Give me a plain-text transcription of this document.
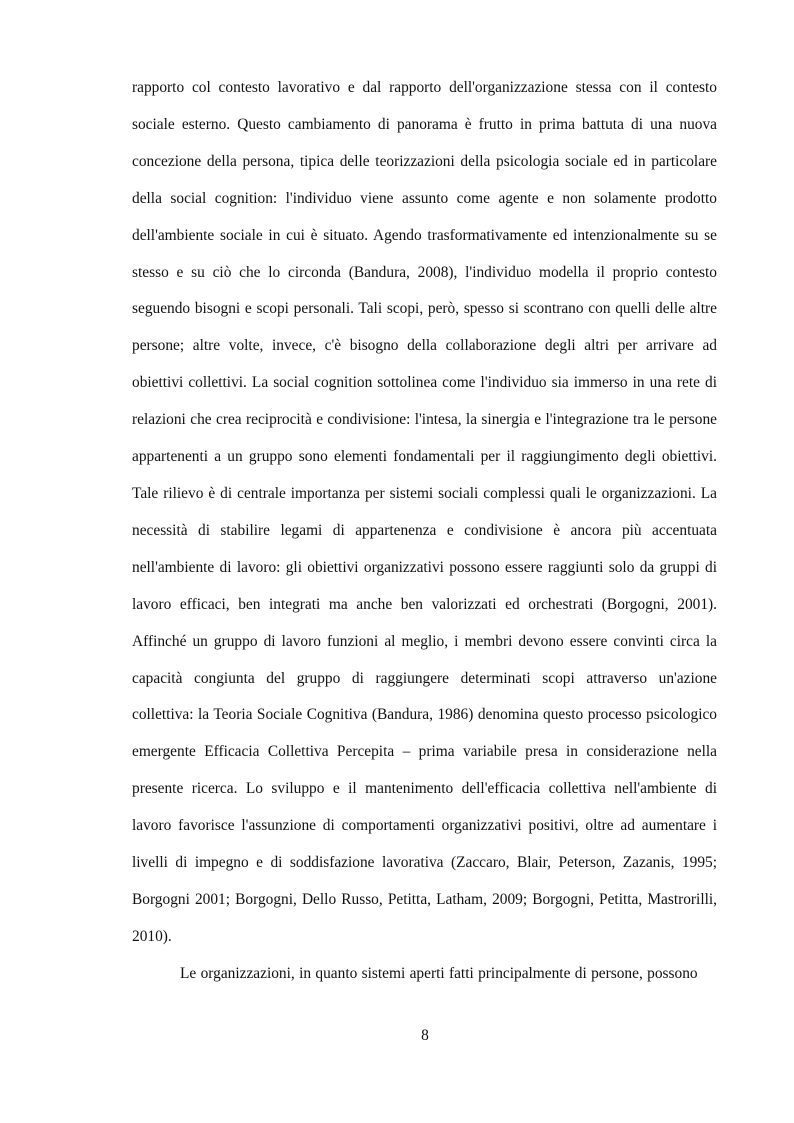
rapporto col contesto lavorativo e dal rapporto dell'organizzazione stessa con il contesto sociale esterno. Questo cambiamento di panorama è frutto in prima battuta di una nuova concezione della persona, tipica delle teorizzazioni della psicologia sociale ed in particolare della social cognition: l'individuo viene assunto come agente e non solamente prodotto dell'ambiente sociale in cui è situato. Agendo trasformativamente ed intenzionalmente su se stesso e su ciò che lo circonda (Bandura, 2008), l'individuo modella il proprio contesto seguendo bisogni e scopi personali. Tali scopi, però, spesso si scontrano con quelli delle altre persone; altre volte, invece, c'è bisogno della collaborazione degli altri per arrivare ad obiettivi collettivi. La social cognition sottolinea come l'individuo sia immerso in una rete di relazioni che crea reciprocità e condivisione: l'intesa, la sinergia e l'integrazione tra le persone appartenenti a un gruppo sono elementi fondamentali per il raggiungimento degli obiettivi. Tale rilievo è di centrale importanza per sistemi sociali complessi quali le organizzazioni. La necessità di stabilire legami di appartenenza e condivisione è ancora più accentuata nell'ambiente di lavoro: gli obiettivi organizzativi possono essere raggiunti solo da gruppi di lavoro efficaci, ben integrati ma anche ben valorizzati ed orchestrati (Borgogni, 2001). Affinché un gruppo di lavoro funzioni al meglio, i membri devono essere convinti circa la capacità congiunta del gruppo di raggiungere determinati scopi attraverso un'azione collettiva: la Teoria Sociale Cognitiva (Bandura, 1986) denomina questo processo psicologico emergente Efficacia Collettiva Percepita – prima variabile presa in considerazione nella presente ricerca. Lo sviluppo e il mantenimento dell'efficacia collettiva nell'ambiente di lavoro favorisce l'assunzione di comportamenti organizzativi positivi, oltre ad aumentare i livelli di impegno e di soddisfazione lavorativa (Zaccaro, Blair, Peterson, Zazanis, 1995; Borgogni 2001; Borgogni, Dello Russo, Petitta, Latham, 2009; Borgogni, Petitta, Mastrorilli, 2010).

Le organizzazioni, in quanto sistemi aperti fatti principalmente di persone, possono

8
